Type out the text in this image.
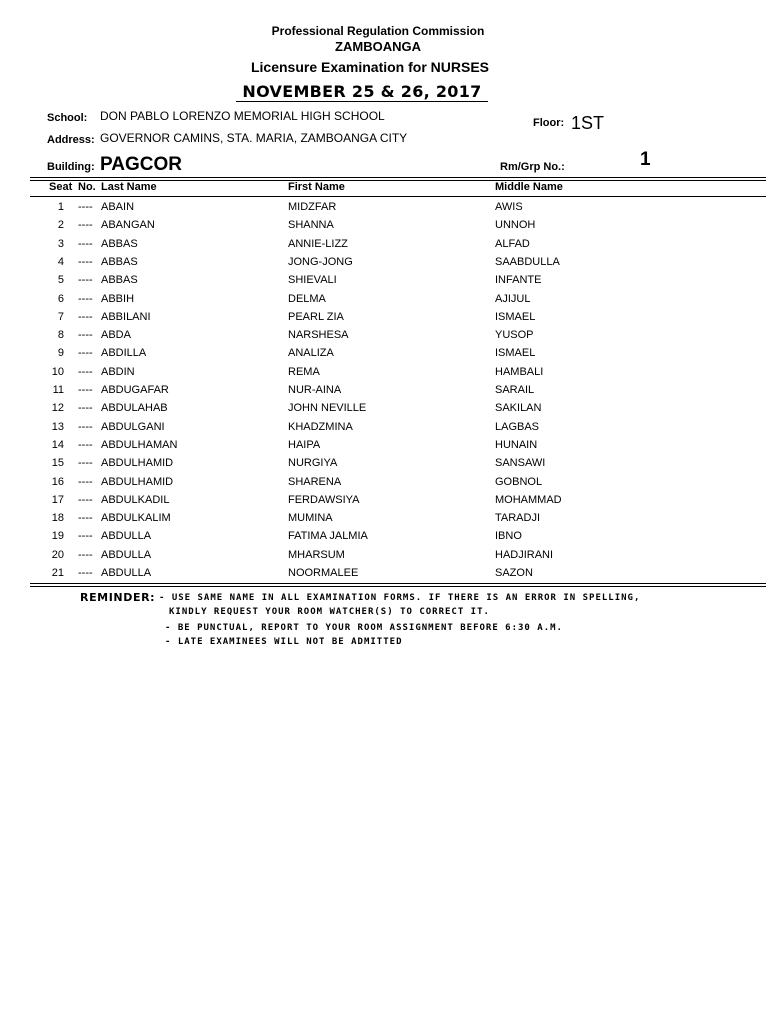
Professional Regulation Commission
ZAMBOANGA
Licensure Examination for NURSES
NOVEMBER 25 & 26, 2017
School: DON PABLO LORENZO MEMORIAL HIGH SCHOOL	Floor: 1ST
Address: GOVERNOR CAMINS, STA. MARIA, ZAMBOANGA CITY
Building: PAGCOR	Rm/Grp No.:	1
Seat No. Last Name	First Name	Middle Name
1 ---- ABAIN	MIDZFAR	AWIS
2 ---- ABANGAN	SHANNA	UNNOH
3 ---- ABBAS	ANNIE-LIZZ	ALFAD
4 ---- ABBAS	JONG-JONG	SAABDULLA
5 ---- ABBAS	SHIEVALI	INFANTE
6 ---- ABBIH	DELMA	AJIJUL
7 ---- ABBILANI	PEARL ZIA	ISMAEL
8 ---- ABDA	NARSHESA	YUSOP
9 ---- ABDILLA	ANALIZA	ISMAEL
10 ---- ABDIN	REMA	HAMBALI
11 ---- ABDUGAFAR	NUR-AINA	SARAIL
12 ---- ABDULAHAB	JOHN NEVILLE	SAKILAN
13 ---- ABDULGANI	KHADZMINA	LAGBAS
14 ---- ABDULHAMAN	HAIPA	HUNAIN
15 ---- ABDULHAMID	NURGIYA	SANSAWI
16 ---- ABDULHAMID	SHARENA	GOBNOL
17 ---- ABDULKADIL	FERDAWSIYA	MOHAMMAD
18 ---- ABDULKALIM	MUMINA	TARADJI
19 ---- ABDULLA	FATIMA JALMIA	IBNO
20 ---- ABDULLA	MHARSUM	HADJIRANI
21 ---- ABDULLA	NOORMALEE	SAZON
REMINDER: - USE SAME NAME IN ALL EXAMINATION FORMS. IF THERE IS AN ERROR IN SPELLING,
KINDLY REQUEST YOUR ROOM WATCHER(S) TO CORRECT IT.
- BE PUNCTUAL, REPORT TO YOUR ROOM ASSIGNMENT BEFORE 6:30 A.M.
- LATE EXAMINEES WILL NOT BE ADMITTED
